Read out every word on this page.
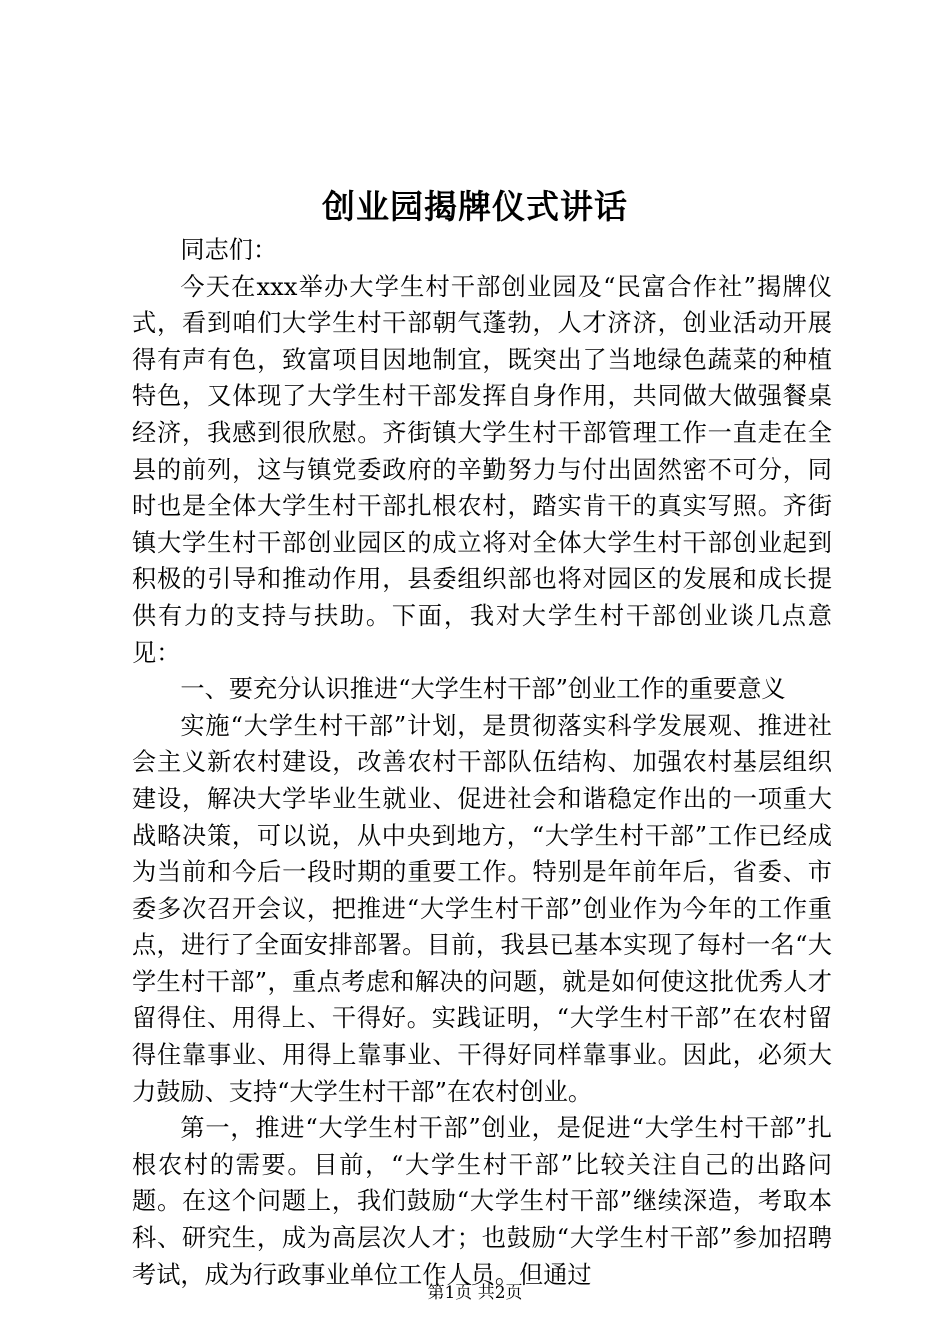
创业园揭牌仪式讲话

同志们：

今天在xxx举办大学生村干部创业园及“民富合作社”揭牌仪式，看到咱们大学生村干部朝气蓬勃，人才济济，创业活动开展得有声有色，致富项目因地制宜，既突出了当地绿色蔬菜的种植特色，又体现了大学生村干部发挥自身作用，共同做大做强餐桌经济，我感到很欣慰。齐街镇大学生村干部管理工作一直走在全县的前列，这与镇党委政府的辛勤努力与付出固然密不可分，同时也是全体大学生村干部扎根农村，踏实肯干的真实写照。齐街镇大学生村干部创业园区的成立将对全体大学生村干部创业起到积极的引导和推动作用，县委组织部也将对园区的发展和成长提供有力的支持与扶助。下面，我对大学生村干部创业谈几点意见：

一、要充分认识推进“大学生村干部”创业工作的重要意义

实施“大学生村干部”计划，是贯彻落实科学发展观、推进社会主义新农村建设，改善农村干部队伍结构、加强农村基层组织建设，解决大学毕业生就业、促进社会和谐稳定作出的一项重大战略决策，可以说，从中央到地方，“大学生村干部”工作已经成为当前和今后一段时期的重要工作。特别是年前年后，省委、市委多次召开会议，把推进“大学生村干部”创业作为今年的工作重点，进行了全面安排部署。目前，我县已基本实现了每村一名“大学生村干部”，重点考虑和解决的问题，就是如何使这批优秀人才留得住、用得上、干得好。实践证明，“大学生村干部”在农村留得住靠事业、用得上靠事业、干得好同样靠事业。因此，必须大力鼓励、支持“大学生村干部”在农村创业。

第一，推进“大学生村干部”创业，是促进“大学生村干部”扎根农村的需要。目前，“大学生村干部”比较关注自己的出路问题。在这个问题上，我们鼓励“大学生村干部”继续深造，考取本科、研究生，成为高层次人才；也鼓励“大学生村干部”参加招聘考试，成为行政事业单位工作人员。但通过

第1页 共2页
